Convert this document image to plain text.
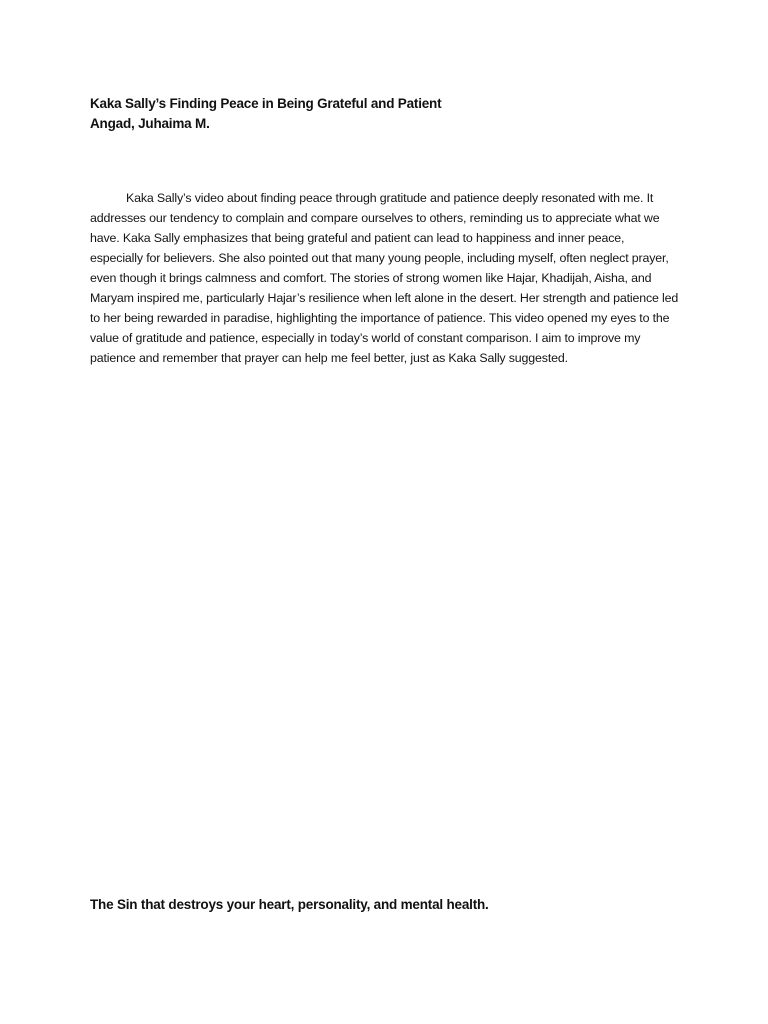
Kaka Sally’s Finding Peace in Being Grateful and Patient
Angad, Juhaima M.

Kaka Sally’s video about finding peace through gratitude and patience deeply resonated with me. It addresses our tendency to complain and compare ourselves to others, reminding us to appreciate what we have. Kaka Sally emphasizes that being grateful and patient can lead to happiness and inner peace, especially for believers. She also pointed out that many young people, including myself, often neglect prayer, even though it brings calmness and comfort. The stories of strong women like Hajar, Khadijah, Aisha, and Maryam inspired me, particularly Hajar’s resilience when left alone in the desert. Her strength and patience led to her being rewarded in paradise, highlighting the importance of patience. This video opened my eyes to the value of gratitude and patience, especially in today’s world of constant comparison. I aim to improve my patience and remember that prayer can help me feel better, just as Kaka Sally suggested.

The Sin that destroys your heart, personality, and mental health.
